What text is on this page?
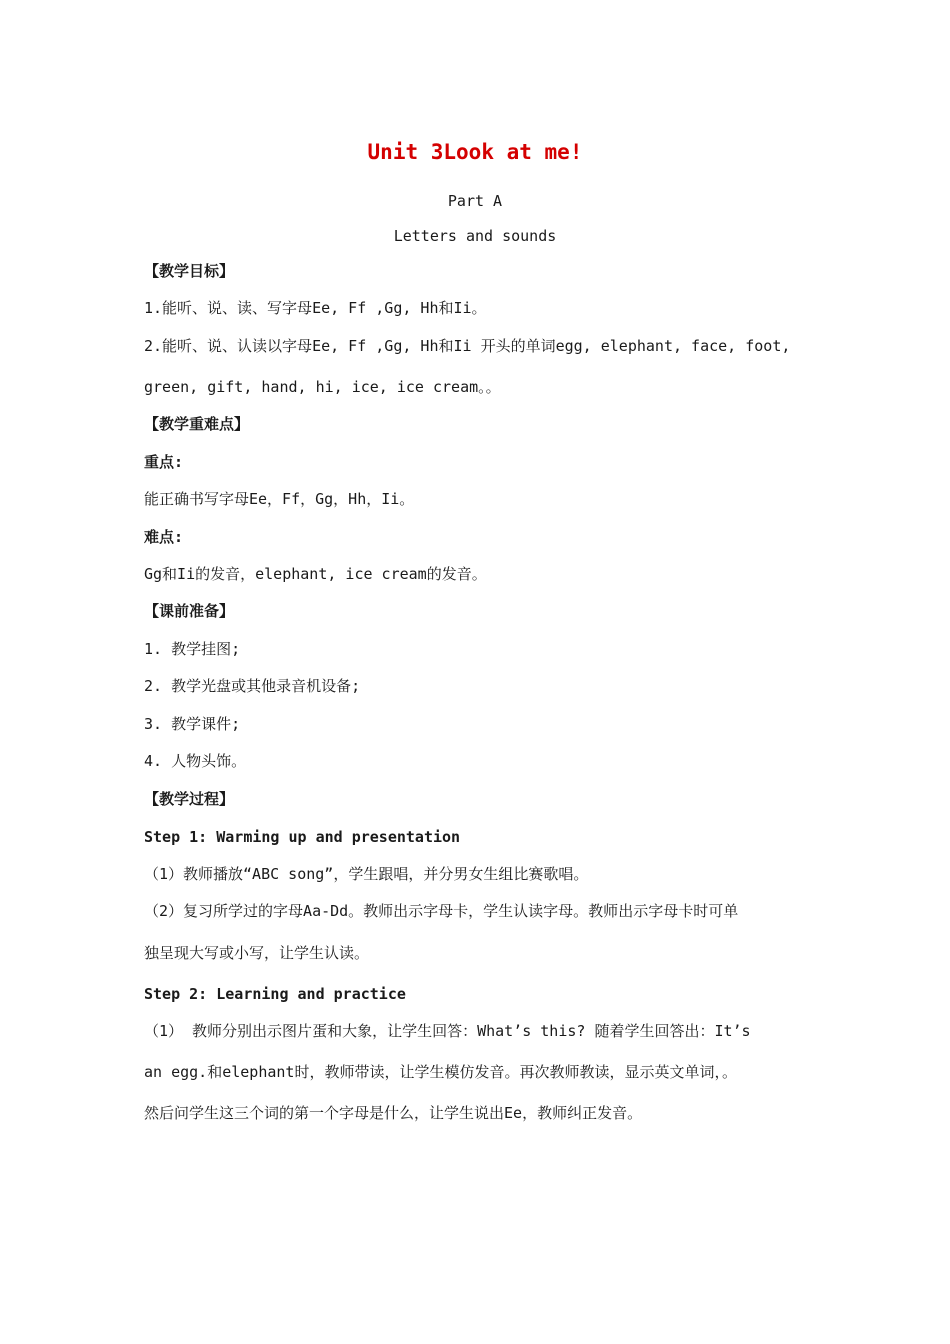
Unit 3Look at me!
Part A
Letters and sounds
【教学目标】
1.能听、说、读、写字母Ee, Ff ,Gg, Hh和Ii。
2.能听、说、认读以字母Ee, Ff ,Gg, Hh和Ii 开头的单词egg, elephant, face, foot,
green, gift, hand, hi, ice, ice cream。。
【教学重难点】
重点:
能正确书写字母Ee，Ff，Gg，Hh，Ii。
难点:
Gg和Ii的发音，elephant, ice cream的发音。
【课前准备】
1. 教学挂图;
2. 教学光盘或其他录音机设备;
3. 教学课件;
4. 人物头饰。
【教学过程】
Step 1: Warming up and presentation
（1）教师播放“ABC song”，学生跟唱，并分男女生组比赛歌唱。
（2）复习所学过的字母Aa-Dd。教师出示字母卡，学生认读字母。教师出示字母卡时可单
独呈现大写或小写，让学生认读。
Step 2: Learning and practice
（1） 教师分别出示图片蛋和大象，让学生回答：What’s this? 随着学生回答出：It’s
an egg.和elephant时，教师带读，让学生模仿发音。再次教师教读，显示英文单词，。
然后问学生这三个词的第一个字母是什么，让学生说出Ee，教师纠正发音。
